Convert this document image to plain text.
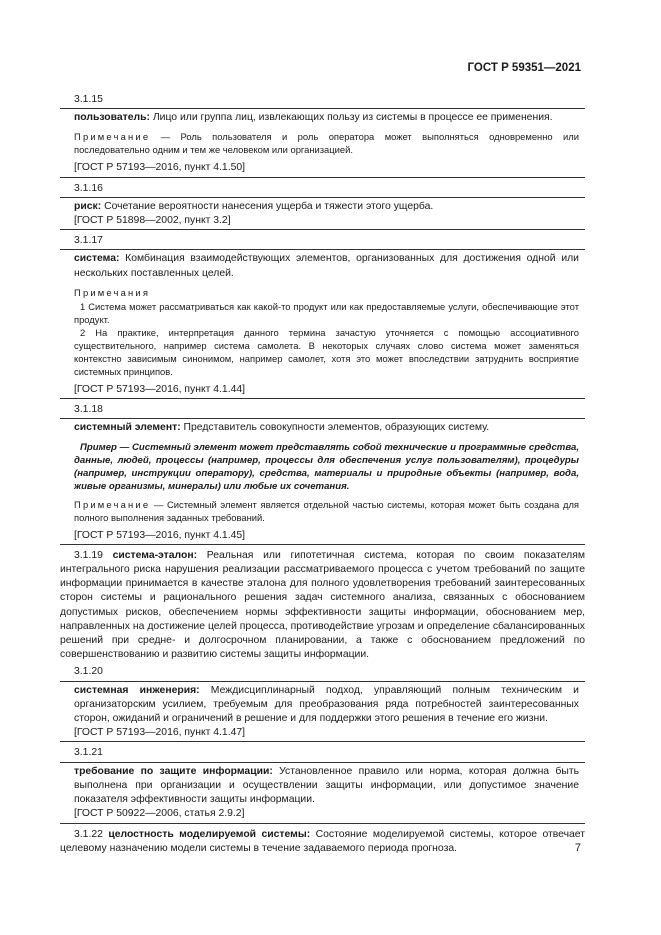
ГОСТ Р 59351—2021
3.1.15
пользователь: Лицо или группа лиц, извлекающих пользу из системы в процессе ее применения.
Примечание — Роль пользователя и роль оператора может выполняться одновременно или последовательно одним и тем же человеком или организацией.
[ГОСТ Р 57193—2016, пункт 4.1.50]
3.1.16
риск: Сочетание вероятности нанесения ущерба и тяжести этого ущерба.
[ГОСТ Р 51898—2002, пункт 3.2]
3.1.17
система: Комбинация взаимодействующих элементов, организованных для достижения одной или нескольких поставленных целей.
Примечания
1 Система может рассматриваться как какой-то продукт или как предоставляемые услуги, обеспечивающие этот продукт.
2 На практике, интерпретация данного термина зачастую уточняется с помощью ассоциативного существительного, например система самолета. В некоторых случаях слово система может заменяться контекстно зависимым синонимом, например самолет, хотя это может впоследствии затруднить восприятие системных принципов.
[ГОСТ Р 57193—2016, пункт 4.1.44]
3.1.18
системный элемент: Представитель совокупности элементов, образующих систему.
Пример — Системный элемент может представлять собой технические и программные средства, данные, людей, процессы (например, процессы для обеспечения услуг пользователям), процедуры (например, инструкции оператору), средства, материалы и природные объекты (например, вода, живые организмы, минералы) или любые их сочетания.
Примечание — Системный элемент является отдельной частью системы, которая может быть создана для полного выполнения заданных требований.
[ГОСТ Р 57193—2016, пункт 4.1.45]
3.1.19 система-эталон: Реальная или гипотетичная система, которая по своим показателям интегрального риска нарушения реализации рассматриваемого процесса с учетом требований по защите информации принимается в качестве эталона для полного удовлетворения требований заинтересованных сторон системы и рационального решения задач системного анализа, связанных с обоснованием допустимых рисков, обеспечением нормы эффективности защиты информации, обоснованием мер, направленных на достижение целей процесса, противодействие угрозам и определение сбалансированных решений при средне- и долгосрочном планировании, а также с обоснованием предложений по совершенствованию и развитию системы защиты информации.
3.1.20
системная инженерия: Междисциплинарный подход, управляющий полным техническим и организаторским усилием, требуемым для преобразования ряда потребностей заинтересованных сторон, ожиданий и ограничений в решение и для поддержки этого решения в течение его жизни.
[ГОСТ Р 57193—2016, пункт 4.1.47]
3.1.21
требование по защите информации: Установленное правило или норма, которая должна быть выполнена при организации и осуществлении защиты информации, или допустимое значение показателя эффективности защиты информации.
[ГОСТ Р 50922—2006, статья 2.9.2]
3.1.22 целостность моделируемой системы: Состояние моделируемой системы, которое отвечает целевому назначению модели системы в течение задаваемого периода прогноза.	7
